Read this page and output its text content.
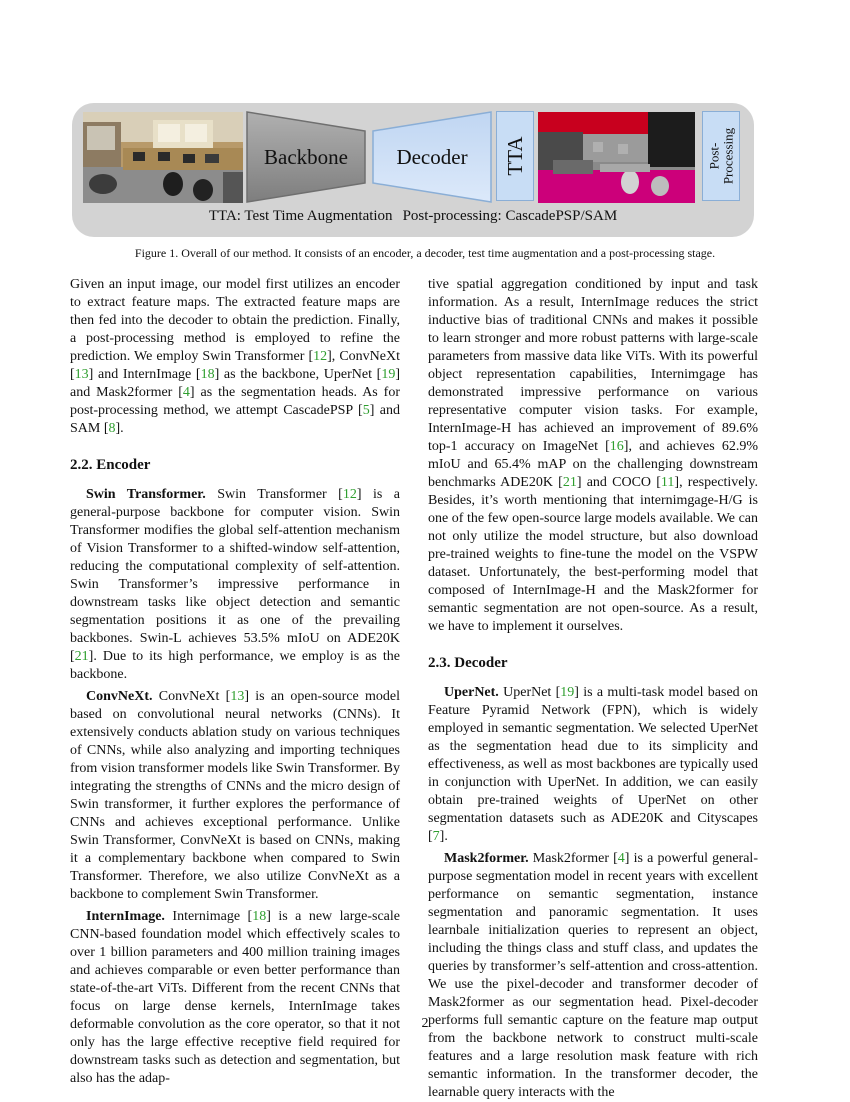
Backbone	Decoder	TTA	Post-
Processing
TTA: Test Time Augmentation Post-processing: CascadePSP/SAM
Figure 1. Overall of our method. It consists of an encoder, a decoder, test time augmentation and a post-processing stage.

Given an input image, our model first utilizes an encoder to extract feature maps. The extracted feature maps are then fed into the decoder to obtain the prediction. Finally, a post-processing method is employed to refine the prediction. We employ Swin Transformer [12], ConvNeXt [13] and InternImage [18] as the backbone, UperNet [19] and Mask2former [4] as the segmentation heads. As for post-processing method, we attempt CascadePSP [5] and SAM [8].

2.2. Encoder

Swin Transformer. Swin Transformer [12] is a general-purpose backbone for computer vision. Swin Transformer modifies the global self-attention mechanism of Vision Transformer to a shifted-window self-attention, reducing the computational complexity of self-attention. Swin Transformer’s impressive performance in downstream tasks like object detection and semantic segmentation positions it as one of the prevailing backbones. Swin-L achieves 53.5% mIoU on ADE20K [21]. Due to its high performance, we employ is as the backbone.

ConvNeXt. ConvNeXt [13] is an open-source model based on convolutional neural networks (CNNs). It extensively conducts ablation study on various techniques of CNNs, while also analyzing and importing techniques from vision transformer models like Swin Transformer. By integrating the strengths of CNNs and the micro design of Swin transformer, it further explores the performance of CNNs and achieves exceptional performance. Unlike Swin Transformer, ConvNeXt is based on CNNs, making it a complementary backbone when compared to Swin Transformer. Therefore, we also utilize ConvNeXt as a backbone to complement Swin Transformer.

InternImage. Internimage [18] is a new large-scale CNN-based foundation model which effectively scales to over 1 billion parameters and 400 million training images and achieves comparable or even better performance than state-of-the-art ViTs. Different from the recent CNNs that focus on large dense kernels, InternImage takes deformable convolution as the core operator, so that it not only has the large effective receptive field required for downstream tasks such as detection and segmentation, but also has the adap-

tive spatial aggregation conditioned by input and task information. As a result, InternImage reduces the strict inductive bias of traditional CNNs and makes it possible to learn stronger and more robust patterns with large-scale parameters from massive data like ViTs. With its powerful object representation capabilities, Internimgage has demonstrated impressive performance on various representative computer vision tasks. For example, InternImage-H has achieved an improvement of 89.6% top-1 accuracy on ImageNet [16], and achieves 62.9% mIoU and 65.4% mAP on the challenging downstream benchmarks ADE20K [21] and COCO [11], respectively. Besides, it’s worth mentioning that internimgage-H/G is one of the few open-source large models available. We can not only utilize the model structure, but also download pre-trained weights to fine-tune the model on the VSPW dataset. Unfortunately, the best-performing model that composed of InternImage-H and the Mask2former for semantic segmentation are not open-source. As a result, we have to implement it ourselves.

2.3. Decoder

UperNet. UperNet [19] is a multi-task model based on Feature Pyramid Network (FPN), which is widely employed in semantic segmentation. We selected UperNet as the segmentation head due to its simplicity and effectiveness, as well as most backbones are typically used in conjunction with UperNet. In addition, we can easily obtain pre-trained weights of UperNet on other segmentation datasets such as ADE20K and Cityscapes [7].

Mask2former. Mask2former [4] is a powerful general-purpose segmentation model in recent years with excellent performance on semantic segmentation, instance segmentation and panoramic segmentation. It uses learnbale initialization queries to represent an object, including the things class and stuff class, and updates the queries by transformer’s self-attention and cross-attention. We use the pixel-decoder and transformer decoder of Mask2former as our segmentation head. Pixel-decoder performs full semantic capture on the feature map output from the backbone network to construct multi-scale features and a large resolution mask feature with rich semantic information. In the transformer decoder, the learnable query interacts with the

2
